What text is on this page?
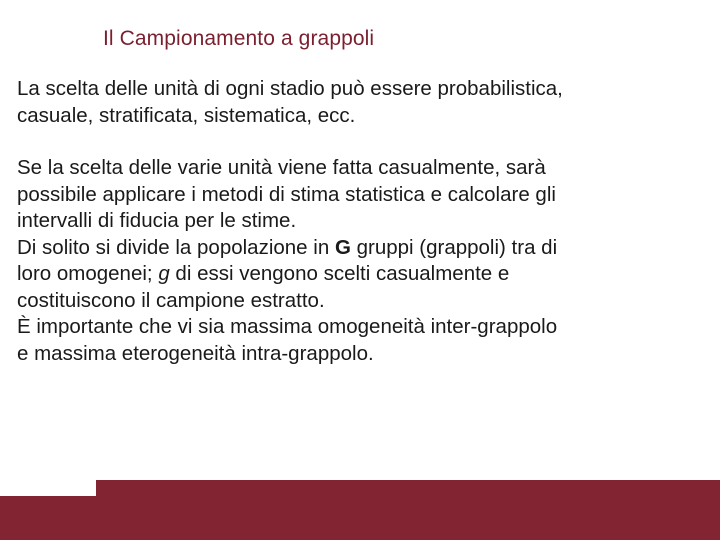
Il Campionamento a grappoli
La scelta delle unità di ogni stadio può essere probabilistica,
casuale, stratificata, sistematica, ecc.
Se la scelta delle varie unità viene fatta casualmente, sarà
possibile applicare i metodi di stima statistica e calcolare gli
intervalli di fiducia per le stime.
Di solito si divide la popolazione in G gruppi (grappoli) tra di
loro omogenei; g di essi vengono scelti casualmente e
costituiscono il campione estratto.
È importante che vi sia massima omogeneità inter-grappolo
e massima eterogeneità intra-grappolo.
